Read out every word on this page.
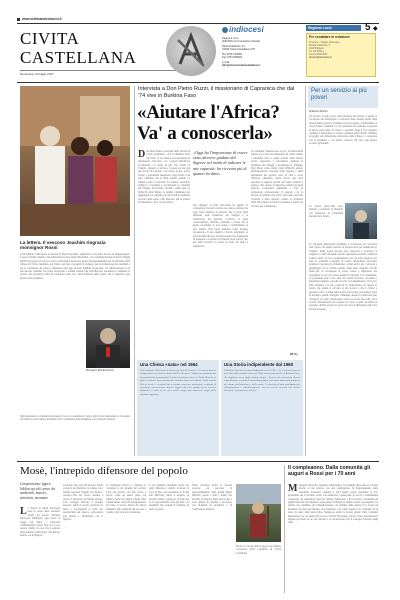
www.settimanalediocesi.it
CIVITA
CASTELLANA
Domenica, 23 luglio 2017
indiocesi
Pagina a cura
dell'Ufficio Comunicazioni Sociali
Piazza Matteotti, 27
01033 Civita Castellana (VT)
Tel. 0761.513650
Fax 0761.599922
e-mail:
info@diocesicivitacastellana.it
Regione Lazio	5 ◆
Per contattare la redazione
Avvenire – Pagine diocesane
Piazza Carbonari, 3
20125 Milano
Tel. 02.6780.1
Fax 02.6780.483
diocesi@avvenire.it
La lettera. Il vescovo Joachim ringrazia monsignor Rossi
Il 26 febbraio 1964 nasce la diocesi di Fada N'Gourma, seguendo la scia della diocesi di Ouagadougou. L'opera di Pietro Ruzzi e dei missionari ha dato frutti abbondanti, con comunità fiorenti in molti villaggi dell'Est del paese. Il vescovo scrive a monsignor Rossi una lettera di ringraziamento per la vicinanza della Chiesa di Civita Castellana, per l'aiuto concreto ai progetti di sviluppo, per la formazione dei catechisti e per la costruzione di scuole e dispensari che oggi servono migliaia di persone. La collaborazione tra le due diocesi continua con visite reciproche e scambi fraterni che arricchiscono entrambe le comunità. Il ricordo dei sacerdoti partiti da Capranica resta vivo nella memoria della gente, che li ringrazia ogni giorno nella preghiera.
Monsignor Romano Rossi
Nel ringraziare la comunità diocesana il vescovo sottolinea il valore della carità missionaria e il legame che unisce le due Chiese, invitando tutti a continuare nella preghiera e nel sostegno fraterno.
Intervista a Don Pietro Ruzzi, il missionario di Capranica che dal '74 vive in Burkina Faso
«Aiutare l'Africa?
Va' a conoscerla»
Don Pietro Ruzzi, sacerdote della diocesi di Civita Castellana, vive in Burkina Faso dal 1974. Ci racconta la sua esperienza di missionario, l'incontro con i popoli dell'Africa occidentale e il senso di una vita donata al Vangelo. Quando è arrivato, il paese era uno dei più poveri del mondo, con scarsa acqua, poche scuole e pochissimi dispensari. Oggi molte cose sono cambiate, ma le sfide restano grandi. La Chiesa locale è cresciuta, ha formato sacerdoti, religiosi e catechisti e accompagna le comunità nei villaggi. Don Pietro ricorda i primi anni, la difficoltà della lingua, le lunghe camminate per raggiungere le cappelle e la gioia dell'accoglienza ricevuta dalla gente. «Ho imparato più di quanto ho insegnato», dice con un sorriso.
«Oggi ha l'impressione di essere stato davvero guidato dal Signore nel modo di indicare le mie capacità: ho ricevuto più di quanto ho dato»
Nel villaggio di Fada N'Gourma ha seguito la costruzione di pozzi, scuole e un centro sanitario che oggi serve migliaia di persone. Ma il cuore della missione resta l'annuncio del Vangelo e la formazione dei giovani. «L'Africa si aiuta conoscendola», afferma, «andando a vivere con la gente, ascoltando le loro storie e condividendo le loro fatiche. Non basta mandare soldi: bisogna incontrarsi.» Il suo appello è rivolto soprattutto ai giovani della diocesi, perché possano fare esperienze di missione e scoprire la ricchezza di un popolo che, pur nella povertà, sa vivere la fede con gioia e semplicità.
Le comunità cristiane sono vivaci, le celebrazioni durano ore e sono accompagnate da canti e danze. I catechisti sono la spina dorsale della Chiesa locale: preparano i catecumeni, guidano la preghiera nei villaggi e sostengono le famiglie. Don Pietro parla anche delle difficoltà attuali, dell'insicurezza crescente nella regione e delle migrazioni dei giovani verso le città e verso l'Europa. «Bisogna creare lavoro qui, dare speranza ai ragazzi, perché non siano costretti a partire». Per questo la missione sostiene progetti agricoli, cooperative femminili e corsi di formazione professionale. Il rapporto con la diocesi di origine resta forte: ogni anno arrivano volontari e aiuti concreti. «Sento la vicinanza della mia Chiesa di Civita Castellana e questo mi dà forza per continuare».
(R.V.)
Per un servizio ai più poveri
Di Enrico Bonini
Un servizio ai più poveri, nelle periferie del mondo: è questa la vocazione del missionario. I sacerdoti fidei donum partiti dalla diocesi hanno portato il Vangelo in terre lontane, condividendo la vita di intere comunità. La loro presenza ha permesso la nascita di nuove parrocchie, di scuole e ospedali. Oggi il loro esempio continua a interpellare le nostre comunità parrocchiali, chiamate ad aprirsi alla dimensione universale della Chiesa e a sostenere con la preghiera e con l'aiuto concreto chi vive ogni giorno accanto agli ultimi.
Le nostre parrocchie sono invitate a sostenere le missioni con iniziative di solidarietà durante tutto l'anno.
La Giornata missionaria mondiale è l'occasione per ricordare tutti coloro che hanno lasciato la propria terra per annunciare il Vangelo. Nella nostra diocesi sono numerosi i sacerdoti, le religiose e i laici che hanno vissuto esperienze in Africa, America Latina e Asia. Le loro testimonianze sono un dono prezioso per tutta la comunità ecclesiale. Il Centro missionario diocesano promuove incontri di formazione, campi estivi per i giovani e gemellaggi con le Chiese sorelle. Ogni anno vengono raccolti fondi per la costruzione di pozzi, scuole e dispensari, ma soprattutto si cerca di creare legami di amicizia e di comunione. «La missione non è solo dare, ma anche ricevere», ricordano i missionari rientrati, «perché i poveri ci evangelizzano con la loro fede semplice e la loro capacità di condivisione». È questo lo spirito che anima il servizio ai più poveri e che ci invita a guardare oltre i confini delle nostre parrocchie, per sentirci parte di un'unica grande famiglia. Chiunque desideri collaborare può rivolgersi al Centro missionario presso la Curia vescovile, dove troverà informazioni sui progetti in corso e sulle modalità di sostegno. Anche un piccolo gesto può fare la differenza nella vita di tante persone.
Una Chiesa «nata» nel 1964
Il 28 febbraio 1964 nasce la diocesi di Fada N'Gourma... La nuova diocesi comprendeva un vasto territorio nell'Est del paese, abitato prevalentemente da popolazioni gourmantché. I primi missionari furono i Padri Bianchi, ai quali si unirono successivamente sacerdoti diocesani italiani. Negli anni la Chiesa locale è cresciuta fino a contare numerose parrocchie, centinaia di catechisti e un seminario minore. Oggi la diocesi è guidata da un vescovo burkinabè e conta su un clero locale sempre più numeroso, segno della maturità raggiunta.
Una Storia indipendente dal 1960
Il Burkina Faso ha ottenuto l'indipendenza nel 1960... L'ex colonia francese dell'Alto Volta cambiò nome nel 1984, assumendo quello di Burkina Faso, che significa «terra degli uomini integri». Il paese ha conosciuto diversi colpi di stato e periodi di instabilità politica, ma anche importanti progressi nel campo dell'istruzione e della sanità. L'economia si basa principalmente sull'agricoltura e sull'allevamento, con la recente crescita del settore minerario, in particolare dell'oro.
Mosè, l'intrepido difensore del popolo
Comprensione figura biblica accolti, amor dei medievali, martiri, sinistrati, incantare
La figura di Mosè attraversa tutta la storia della salvezza. Guida del popolo d'Israele nell'esodo dall'Egitto, egli riceve la Legge sul Sinai e intercede continuamente presso Dio per il suo popolo ribelle. La sua vita è segnata dalla fedeltà e dalla fatica, dal dialogo intimo con il Signore.
Cresciuto alla corte del faraone, Mosè scopre la sua identità e si schiera con i fratelli oppressi. Fuggito nel deserto, incontra Dio nel roveto ardente e riceve la missione di liberare Israele. Con coraggio affronta il potente sovrano, guida il popolo attraverso il mare e accompagna le tribù per quarant'anni nel deserto, educandole alla libertà e all'alleanza con il Signore.
La tradizione ebraica e cristiana lo considera il più grande dei profeti, colui che parlava con Dio faccia a faccia, come un amico parla con l'amico. Nella sua figura i Padri della Chiesa hanno visto una prefigurazione di Cristo, il nuovo Mosè che libera l'umanità dalla schiavitù del peccato e conduce alla vera terra promessa.
Il suo esempio interpella anche noi oggi: difendere i deboli, ascoltare la voce di Dio, non arrendersi di fronte alle difficoltà. Mosè è modello di servizio umile e generoso, di fede che si fa responsabilità verso gli altri e di preghiera che sostiene il cammino di tutto il popolo.
Nelle catechesi estive la diocesi propone un percorso di approfondimento sulle grandi figure bibliche, aperto a tutti i fedeli. Gli incontri si tengono nelle parrocchie e sono guidati da biblisti e sacerdoti, con momenti di preghiera e di condivisione fraterna.
Mosè e le tavole della Legge in un dipinto conservato nella cattedrale di Civita Castellana.
Il compleanno. Dalla comunità gli auguri a Rossi per i 70 anni
Monsignor Rossi ha compiuto settant'anni e la comunità diocesana si è stretta attorno al suo pastore con una celebrazione di ringraziamento nella cattedrale. Sacerdoti, religiosi e laici hanno voluto esprimere la loro gratitudine per il servizio svolto con dedizione e generosità. Il vescovo, visibilmente commosso, ha ringraziato tutti per l'affetto dimostrato e ha ricordato i momenti più significativi del suo ministero episcopale, invitando la Chiesa locale a proseguire con slancio nel cammino di evangelizzazione. Al termine della messa si è svolto un momento di festa nel chiostro del seminario, con canti, auguri e la consegna di un dono da parte delle parrocchie. Numerose anche le lettere giunte dalle comunità missionarie, tra cui quella del vescovo di Fada N'Gourma, che ha voluto sottolineare il legame profondo tra le due diocesi e la riconoscenza per il sostegno ricevuto negli anni.
